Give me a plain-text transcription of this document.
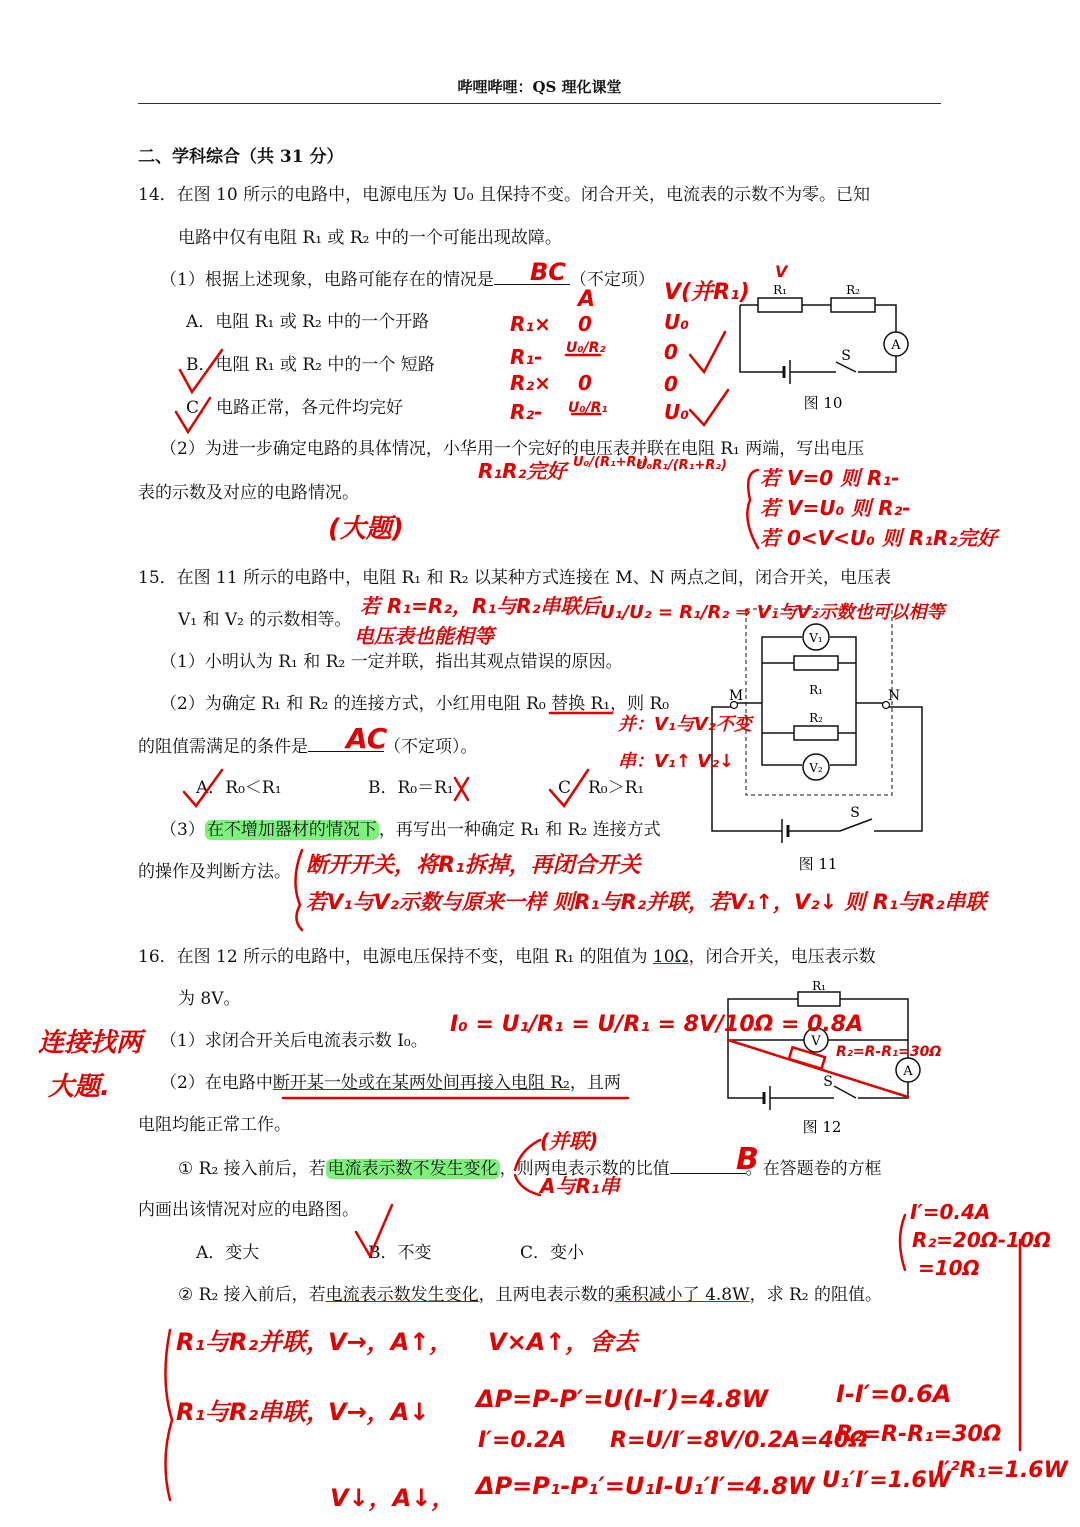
哔哩哔哩：QS 理化课堂
二、学科综合（共 31 分）
14．在图 10 所示的电路中，电源电压为 U₀ 且保持不变。闭合开关，电流表的示数不为零。已知
电路中仅有电阻 R₁ 或 R₂ 中的一个可能出现故障。
（1）根据上述现象，电路可能存在的情况是	（不定项）
A．电阻 R₁ 或 R₂ 中的一个开路
B．电阻 R₁ 或 R₂ 中的一个 短路
C．电路正常，各元件均完好
（2）为进一步确定电路的具体情况，小华用一个完好的电压表并联在电阻 R₁ 两端，写出电压
表的示数及对应的电路情况。
R₁	R₂
A
S
图 10
15．在图 11 所示的电路中，电阻 R₁ 和 R₂ 以某种方式连接在 M、N 两点之间，闭合开关，电压表
V₁ 和 V₂ 的示数相等。
（1）小明认为 R₁ 和 R₂ 一定并联，指出其观点错误的原因。
（2）为确定 R₁ 和 R₂ 的连接方式，小红用电阻 R₀ 替换 R₁，则 R₀
的阻值需满足的条件是	（不定项）。
A．R₀＜R₁	B．R₀＝R₁	C．R₀＞R₁
（3） 在不增加器材的情况下 ，再写出一种确定 R₁ 和 R₂ 连接方式
的操作及判断方法。
V₁
R₁
R₂
V₂
M	N
S
图 11
16．在图 12 所示的电路中，电源电压保持不变，电阻 R₁ 的阻值为 10Ω，闭合开关，电压表示数
为 8V。
（1）求闭合开关后电流表示数 I₀。
（2）在电路中断开某一处或在某两处间再接入电阻 R₂，且两
电阻均能正常工作。
① R₂ 接入前后，若 电流表示数不发生变化 ，则两电表示数的比值	。在答题卷的方框
内画出该情况对应的电路图。
A．变大	B．不变	C．变小
② R₂ 接入前后，若电流表示数发生变化，且两电表示数的乘积减小了 4.8W，求 R₂ 的阻值。
R₁
V
A
S
图 12
BC
A	V(并R₁)
V
R₁×
R₁-
R₂×
R₂-
0
U₀/R₂
0
U₀/R₁
U₀
0
0
U₀
R₁R₂完好 U₀/(R₁+R₂)
U₀R₁/(R₁+R₂)
若 V=0 则 R₁-
若 V=U₀ 则 R₂-
若 0<V<U₀ 则 R₁R₂完好
(大题)
若 R₁=R₂，R₁与R₂串联后
电压表也能相等
U₁/U₂ = R₁/R₂ ⇒ V₁与V₂示数也可以相等
AC	并：V₁与V₂不变
串：V₁↑ V₂↓
断开开关，将R₁拆掉，再闭合开关
若V₁与V₂示数与原来一样 则R₁与R₂并联，若V₁↑，V₂↓ 则 R₁与R₂串联
I₀ = U₁/R₁ = U/R₁ = 8V/10Ω = 0.8A
R₂=R-R₁=30Ω
连接找两
大题.
(并联)
A与R₁串
B
I′=0.4A
R₂=20Ω-10Ω
=10Ω
R₁与R₂并联，
V→，A↑， V×A↑，舍去
R₁与R₂串联，
V→，A↓ ΔP=P-P′=U(I-I′)=4.8W	I-I′=0.6A
I′=0.2A R=U/I′=8V/0.2A=40Ω
R₂=R-R₁=30Ω
V↓，A↓， ΔP=P₁-P₁′=U₁I-U₁′I′=4.8W U₁′I′=1.6W
I′²R₁=1.6W
